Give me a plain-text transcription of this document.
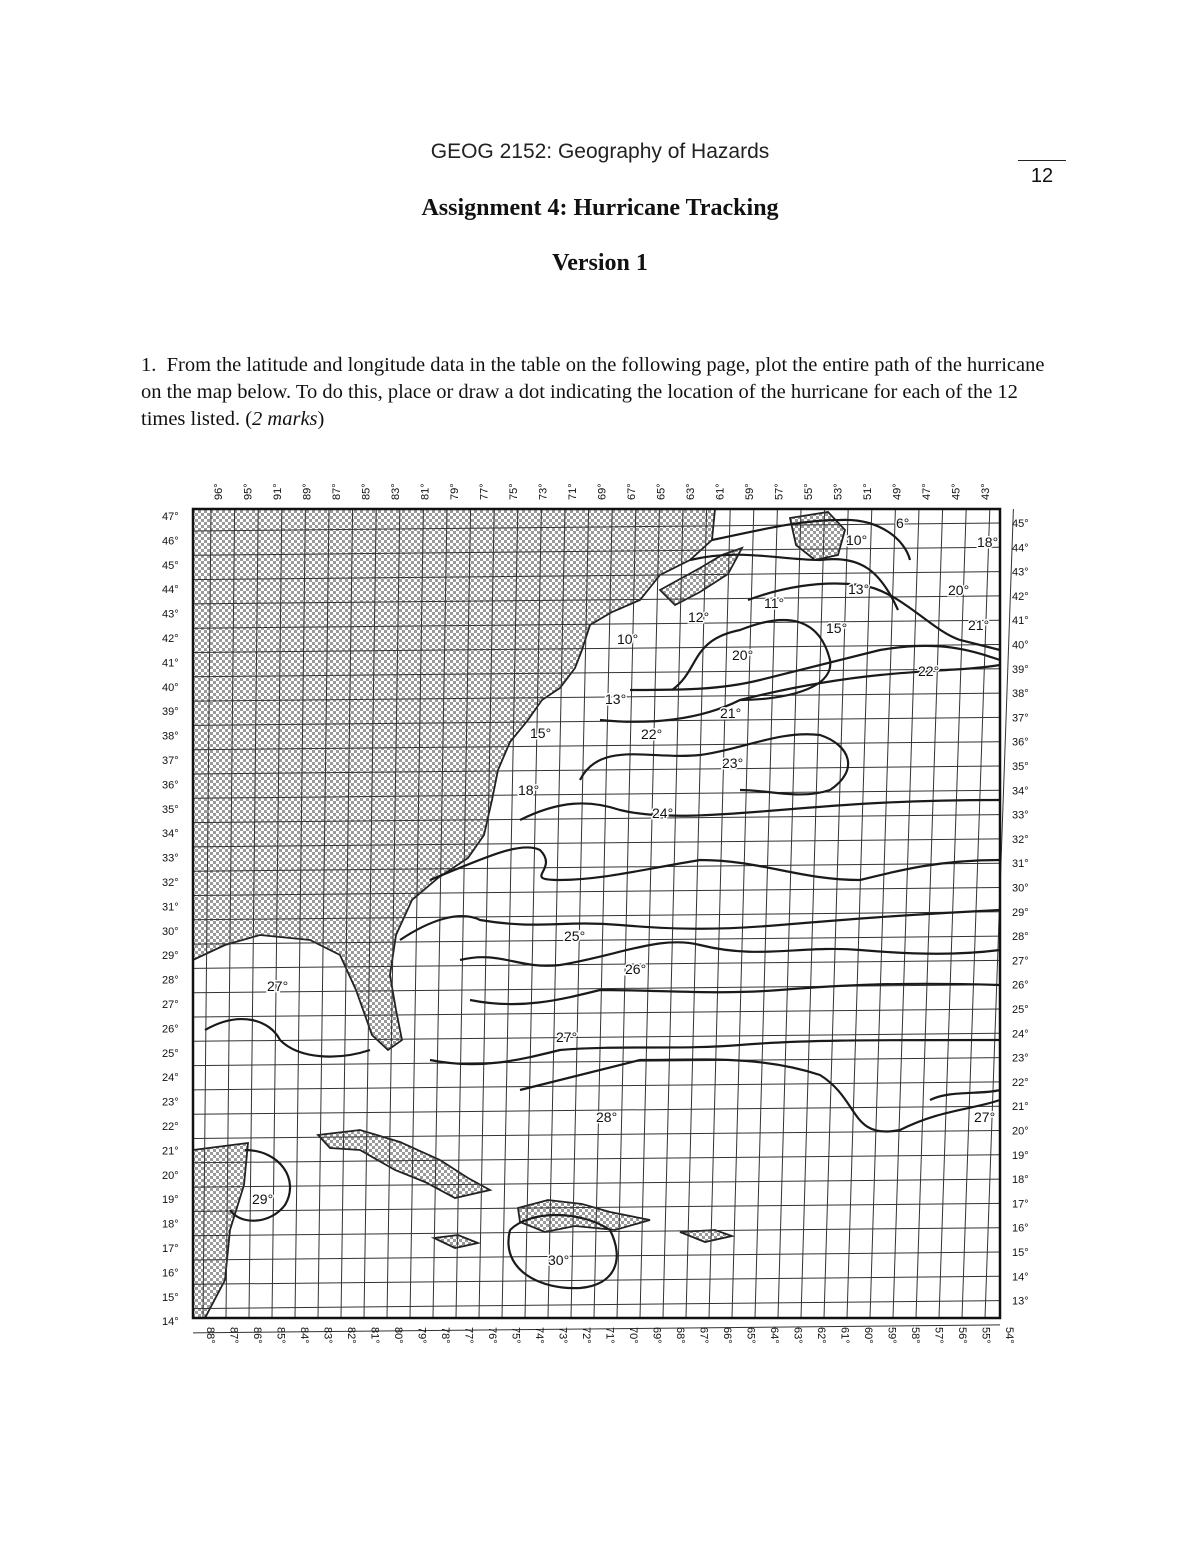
GEOG 2152: Geography of Hazards
12
Assignment 4: Hurricane Tracking
Version 1
1. From the latitude and longitude data in the table on the following page, plot the entire path of the hurricane on the map below. To do this, place or draw a dot indicating the location of the hurricane for each of the 12 times listed. (2 marks)
96° 95° 91° 89° 87° 85° 83° 81° 79° 77° 75° 73° 71° 69° 67° 65° 63° 61° 59° 57° 55° 53° 51° 49° 47° 45° 43°
88° 87° 86° 85° 84° 83° 82° 81° 80° 79° 78° 77° 76° 75° 74° 73° 72° 71° 70° 69° 68° 67° 66° 65° 64° 63° 62° 61° 60° 59° 58° 57° 56° 55° 54°
47°
46°
45°
44°
43°
42°
41°
40°
39°
38°
37°
36°
35°
34°
33°
32°
31°
30°
29°
28°
27°
26°
25°
24°
23°
22°
21°
20°
19°
18°
17°
16°
15°
14°
45°
44°
43°
42°
41°
40°
39°
38°
37°
36°
35°
34°
33°
32°
31°
30°
29°
28°
27°
26°
25°
24°
23°
22°
21°
20°
19°
18°
17°
16°
15°
14°
13°
6°
10°	18°
13°	20°
11°
15°	21°
12°
10°
20°
22°
13°
21°
15°	22°
23°
18°
24°
25°
26°
27°
27°
28°	27°
29°
30°
